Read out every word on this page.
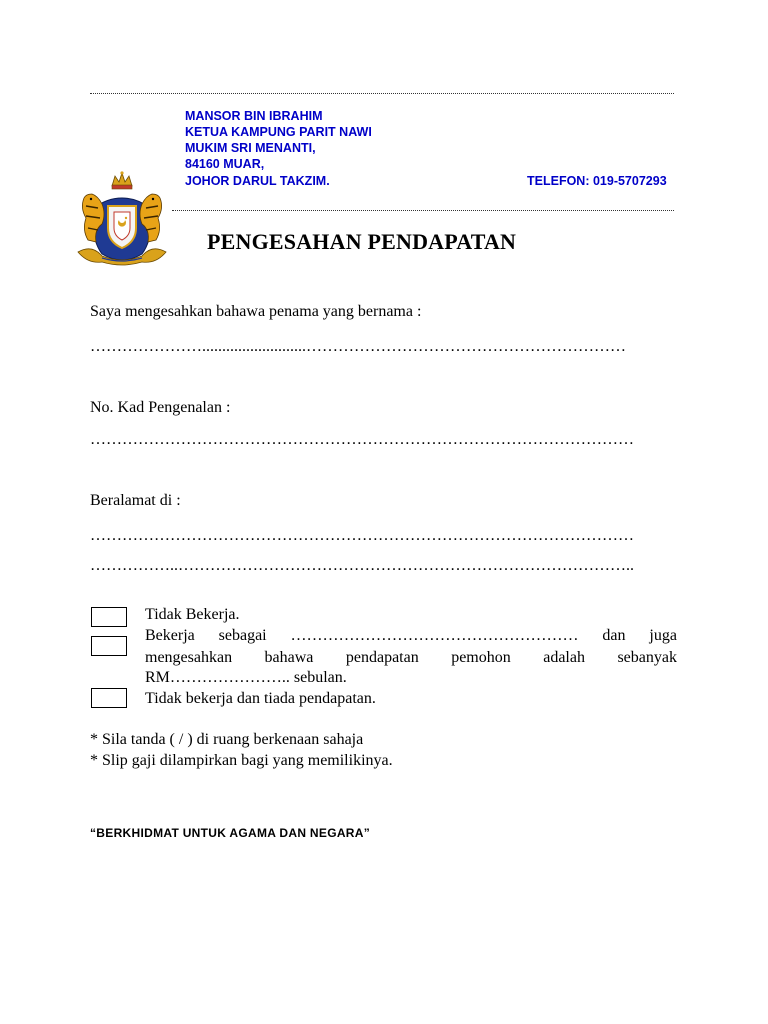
MANSOR BIN IBRAHIM
KETUA KAMPUNG PARIT NAWI
MUKIM SRI MENANTI,
84160 MUAR,
JOHOR DARUL TAKZIM.	TELEFON: 019-5707293
PENGESAHAN PENDAPATAN
Saya mengesahkan bahawa penama yang bernama :
…………………..........................……………………………………………………
No. Kad Pengenalan :
…………………………………………………………………………………………
Beralamat di :
…………………………………………………………………………………………
……………..…………………………………………………………………………..
Tidak Bekerja.
Bekerja sebagai ……………………………………………… dan juga
mengesahkan bahawa pendapatan pemohon adalah sebanyak
RM………………….. sebulan.
Tidak bekerja dan tiada pendapatan.
* Sila tanda ( / ) di ruang berkenaan sahaja
* Slip gaji dilampirkan bagi yang memilikinya.
“BERKHIDMAT UNTUK AGAMA DAN NEGARA”
